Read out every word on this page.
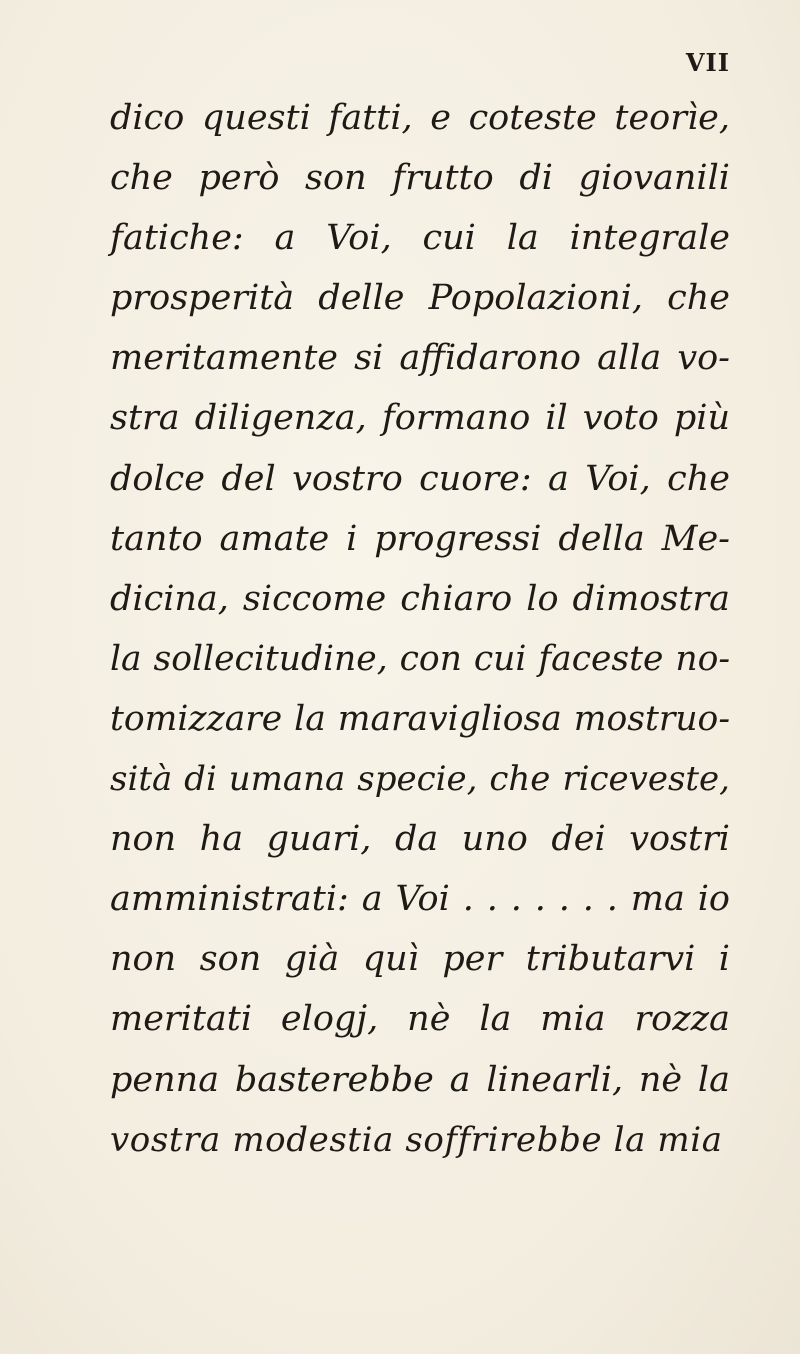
VII
dico questi fatti, e coteste teorìe,
che però son frutto di giovanili
fatiche: a Voi, cui la integrale
prosperità delle Popolazioni, che
meritamente si affidarono alla vo-
stra diligenza, formano il voto più
dolce del vostro cuore: a Voi, che
tanto amate i progressi della Me-
dicina, siccome chiaro lo dimostra
la sollecitudine, con cui faceste no-
tomizzare la maravigliosa mostruo-
sità di umana specie, che riceveste,
non ha guari, da uno dei vostri
amministrati: a Voi . . . . . . . ma io
non son già quì per tributarvi i
meritati elogj, nè la mia rozza
penna basterebbe a linearli, nè la
vostra modestia soffrirebbe la mia
